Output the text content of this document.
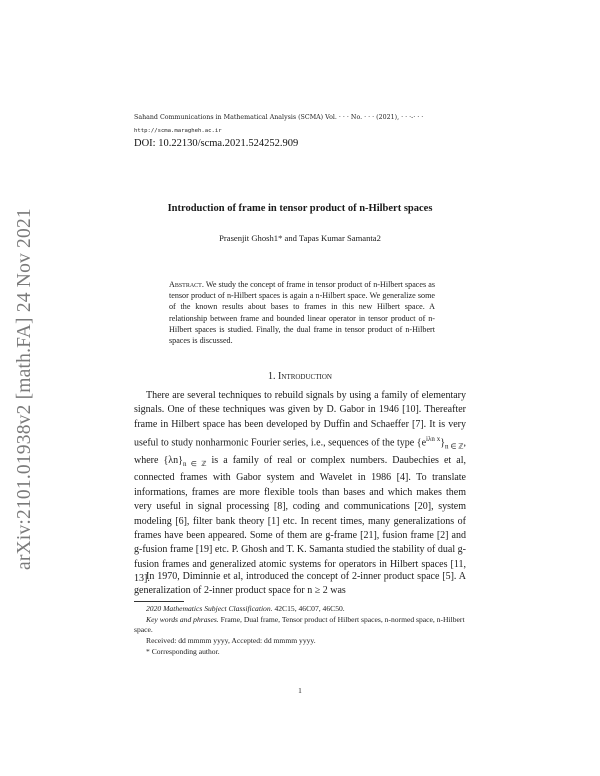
arXiv:2101.01938v2 [math.FA] 24 Nov 2021
Sahand Communications in Mathematical Analysis (SCMA) Vol. · · · No. · · · (2021), · · ·-· · ·
http://scma.maragheh.ac.ir
DOI: 10.22130/scma.2021.524252.909
Introduction of frame in tensor product of n-Hilbert spaces
Prasenjit Ghosh1* and Tapas Kumar Samanta2

Abstract. We study the concept of frame in tensor product of n-Hilbert spaces as tensor product of n-Hilbert spaces is again a n-Hilbert space. We generalize some of the known results about bases to frames in this new Hilbert space. A relationship between frame and bounded linear operator in tensor product of n-Hilbert spaces is studied. Finally, the dual frame in tensor product of n-Hilbert spaces is discussed.

1. Introduction

There are several techniques to rebuild signals by using a family of elementary signals. One of these techniques was given by D. Gabor in 1946 [10]. Thereafter frame in Hilbert space has been developed by Duffin and Schaeffer [7]. It is very useful to study nonharmonic Fourier series, i.e., sequences of the type $\{e^{i\lambda n x}\}_{n \in ℤ}$, where $\{\lambda n\}_{n \in ℤ}$ is a family of real or complex numbers. Daubechies et al, connected frames with Gabor system and Wavelet in 1986 [4]. To translate informations, frames are more flexible tools than bases and which makes them very useful in signal processing [8], coding and communications [20], system modeling [6], filter bank theory [1] etc. In recent times, many generalizations of frames have been appeared. Some of them are g-frame [21], fusion frame [2] and g-fusion frame [19] etc. P. Ghosh and T. K. Samanta studied the stability of dual g-fusion frames and generalized atomic systems for operators in Hilbert spaces [11, 13].

In 1970, Diminnie et al, introduced the concept of 2-inner product space [5]. A generalization of 2-inner product space for n ≥ 2 was

2020 Mathematics Subject Classification. 42C15, 46C07, 46C50.

Key words and phrases. Frame, Dual frame, Tensor product of Hilbert spaces, n-normed space, n-Hilbert space.

Received: dd mmmm yyyy, Accepted: dd mmmm yyyy.

* Corresponding author.

1
